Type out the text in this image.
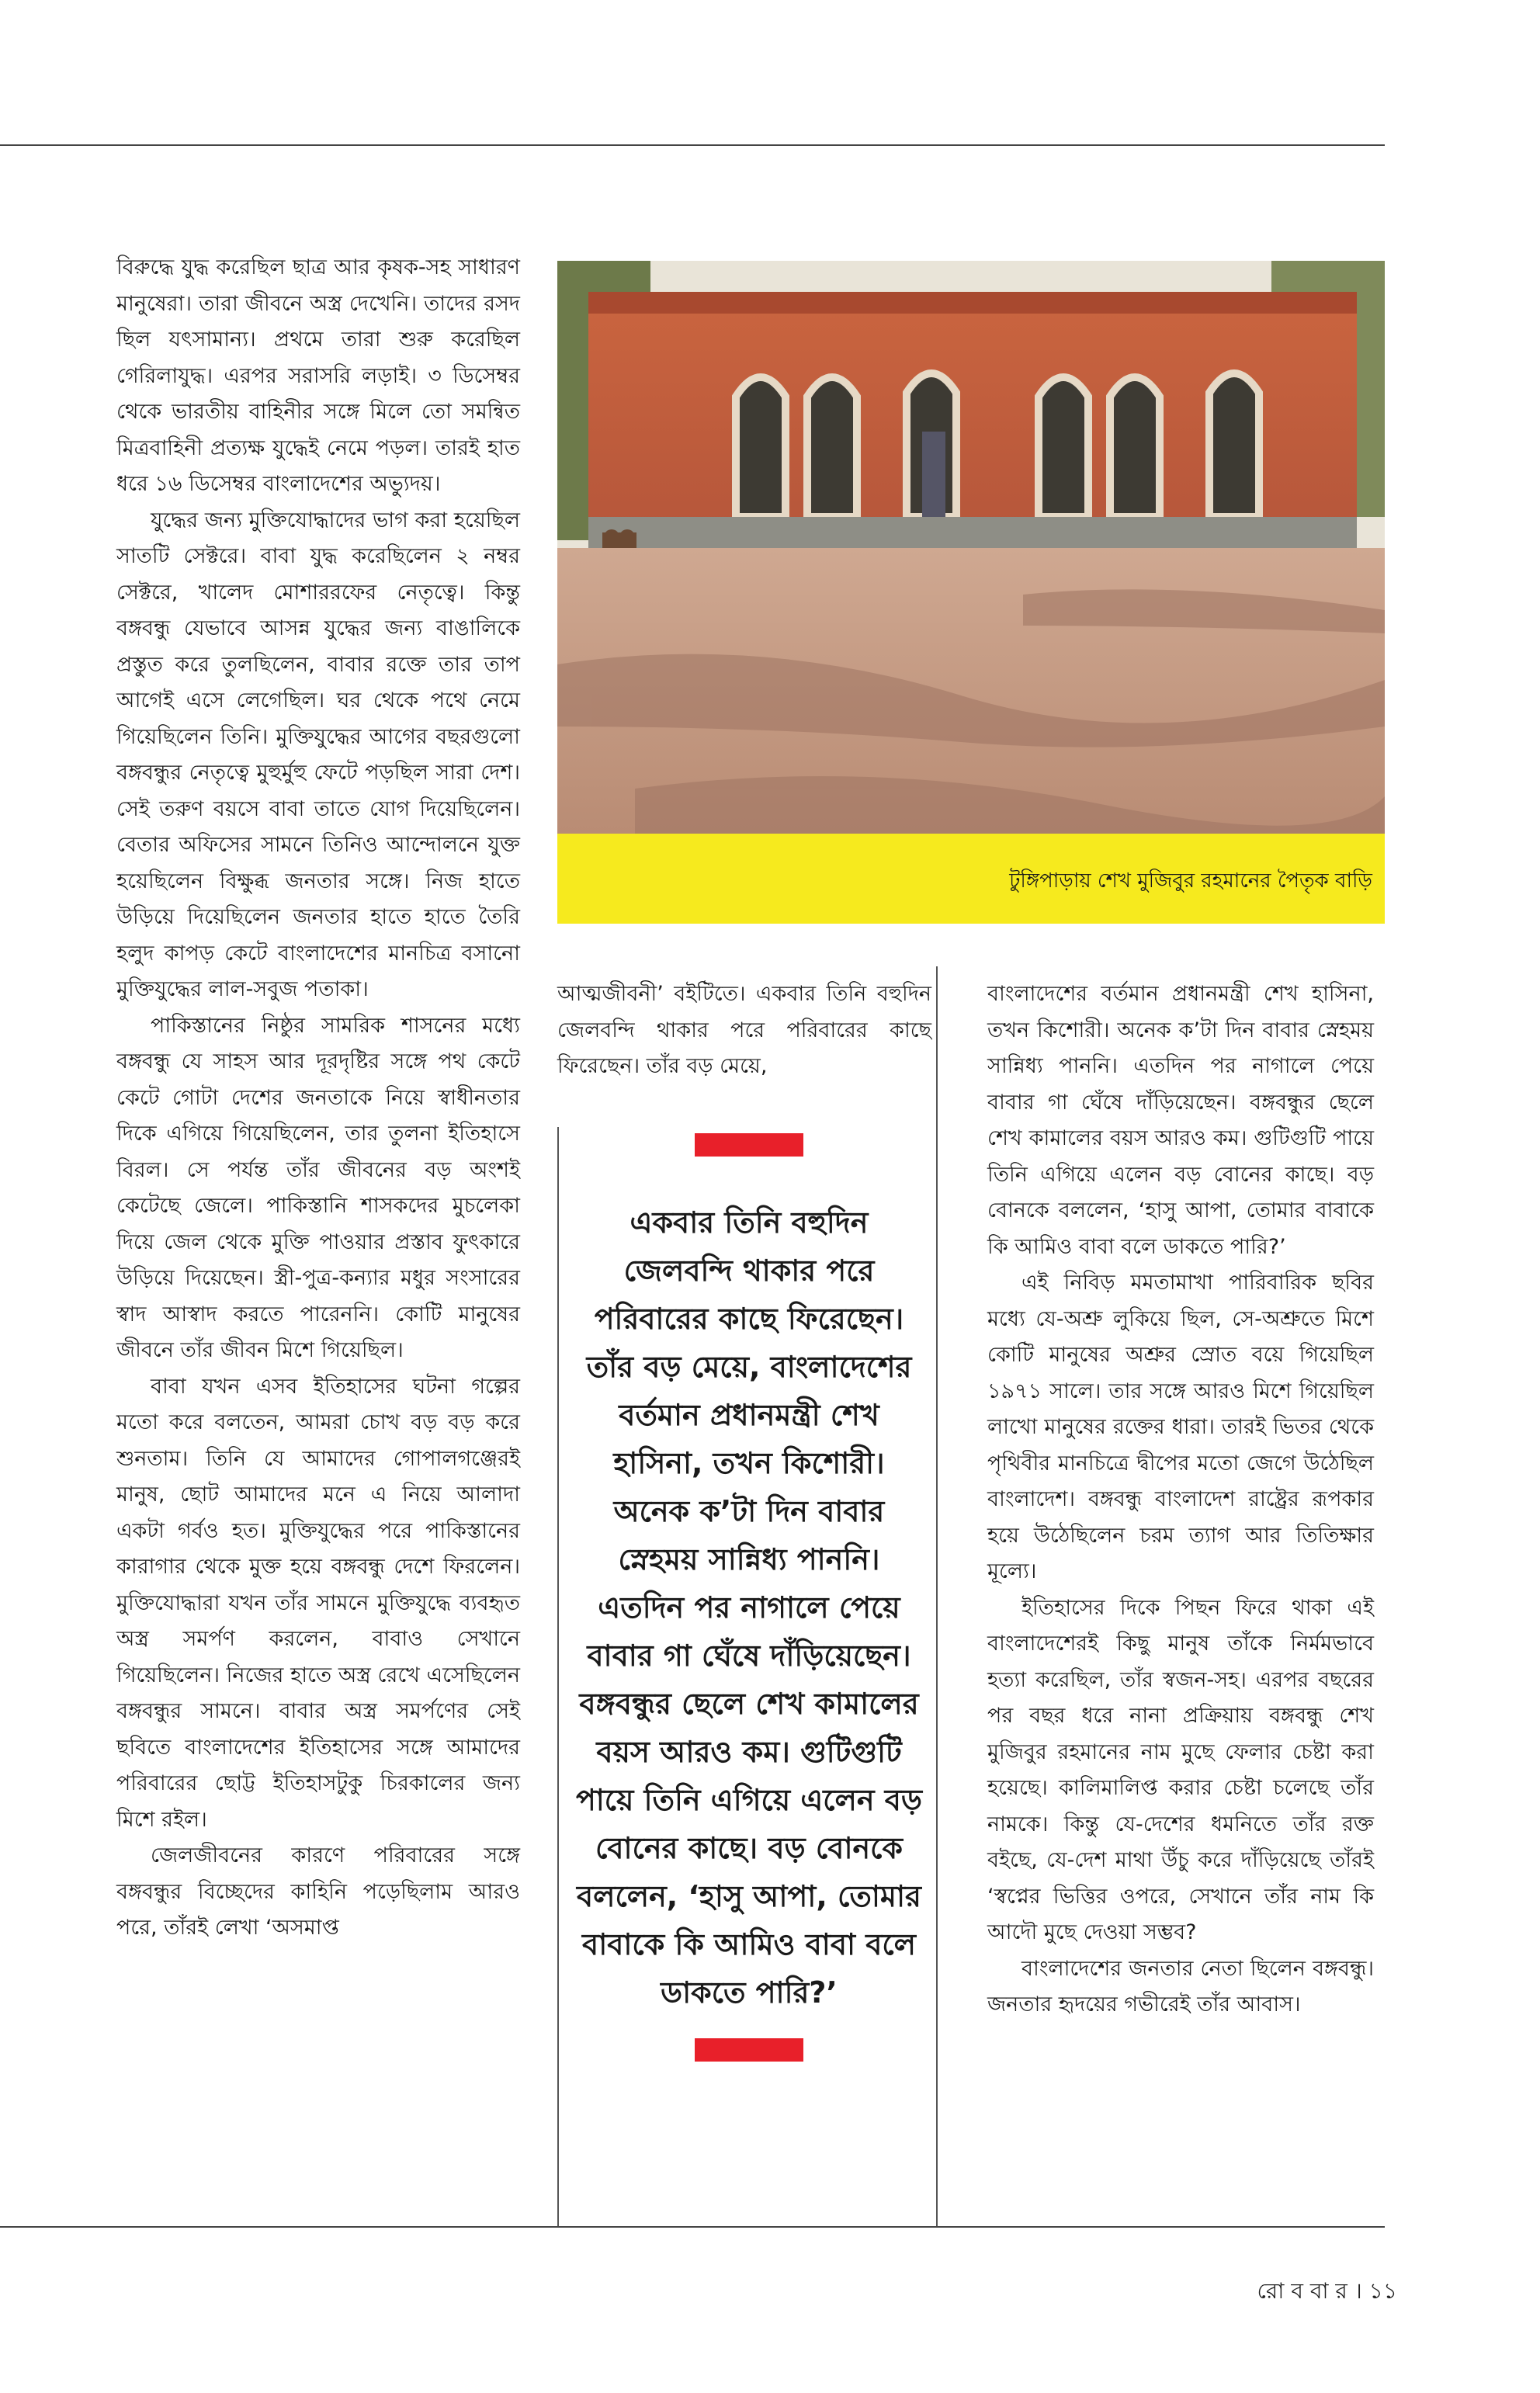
বিরুদ্ধে যুদ্ধ করেছিল ছাত্র আর কৃষক-সহ সাধারণ মানুষেরা। তারা জীবনে অস্ত্র দেখেনি। তাদের রসদ ছিল যৎসামান্য। প্রথমে তারা শুরু করেছিল গেরিলাযুদ্ধ। এরপর সরাসরি লড়াই। ৩ ডিসেম্বর থেকে ভারতীয় বাহিনীর সঙ্গে মিলে তো সমন্বিত মিত্রবাহিনী প্রত্যক্ষ যুদ্ধেই নেমে পড়ল। তারই হাত ধরে ১৬ ডিসেম্বর বাংলাদেশের অভ্যুদয়।

যুদ্ধের জন্য মুক্তিযোদ্ধাদের ভাগ করা হয়েছিল সাতটি সেক্টরে। বাবা যুদ্ধ করেছিলেন ২ নম্বর সেক্টরে, খালেদ মোশাররফের নেতৃত্বে। কিন্তু বঙ্গবন্ধু যেভাবে আসন্ন যুদ্ধের জন্য বাঙালিকে প্রস্তুত করে তুলছিলেন, বাবার রক্তে তার তাপ আগেই এসে লেগেছিল। ঘর থেকে পথে নেমে গিয়েছিলেন তিনি। মুক্তিযুদ্ধের আগের বছরগুলো বঙ্গবন্ধুর নেতৃত্বে মুহুর্মুহু ফেটে পড়ছিল সারা দেশ। সেই তরুণ বয়সে বাবা তাতে যোগ দিয়েছিলেন। বেতার অফিসের সামনে তিনিও আন্দোলনে যুক্ত হয়েছিলেন বিক্ষুব্ধ জনতার সঙ্গে। নিজ হাতে উড়িয়ে দিয়েছিলেন জনতার হাতে হাতে তৈরি হলুদ কাপড় কেটে বাংলাদেশের মানচিত্র বসানো মুক্তিযুদ্ধের লাল-সবুজ পতাকা।

পাকিস্তানের নিষ্ঠুর সামরিক শাসনের মধ্যে বঙ্গবন্ধু যে সাহস আর দূরদৃষ্টির সঙ্গে পথ কেটে কেটে গোটা দেশের জনতাকে নিয়ে স্বাধীনতার দিকে এগিয়ে গিয়েছিলেন, তার তুলনা ইতিহাসে বিরল। সে পর্যন্ত তাঁর জীবনের বড় অংশই কেটেছে জেলে। পাকিস্তানি শাসকদের মুচলেকা দিয়ে জেল থেকে মুক্তি পাওয়ার প্রস্তাব ফুৎকারে উড়িয়ে দিয়েছেন। স্ত্রী-পুত্র-কন্যার মধুর সংসারের স্বাদ আস্বাদ করতে পারেননি। কোটি মানুষের জীবনে তাঁর জীবন মিশে গিয়েছিল।

বাবা যখন এসব ইতিহাসের ঘটনা গল্পের মতো করে বলতেন, আমরা চোখ বড় বড় করে শুনতাম। তিনি যে আমাদের গোপালগঞ্জেরই মানুষ, ছোট আমাদের মনে এ নিয়ে আলাদা একটা গর্বও হত। মুক্তিযুদ্ধের পরে পাকিস্তানের কারাগার থেকে মুক্ত হয়ে বঙ্গবন্ধু দেশে ফিরলেন। মুক্তিযোদ্ধারা যখন তাঁর সামনে মুক্তিযুদ্ধে ব্যবহৃত অস্ত্র সমর্পণ করলেন, বাবাও সেখানে গিয়েছিলেন। নিজের হাতে অস্ত্র রেখে এসেছিলেন বঙ্গবন্ধুর সামনে। বাবার অস্ত্র সমর্পণের সেই ছবিতে বাংলাদেশের ইতিহাসের সঙ্গে আমাদের পরিবারের ছোট্ট ইতিহাসটুকু চিরকালের জন্য মিশে রইল।

জেলজীবনের কারণে পরিবারের সঙ্গে বঙ্গবন্ধুর বিচ্ছেদের কাহিনি পড়েছিলাম আরও পরে, তাঁরই লেখা ‘অসমাপ্ত

টুঙ্গিপাড়ায় শেখ মুজিবুর রহমানের পৈতৃক বাড়ি

আত্মজীবনী’ বইটিতে। একবার তিনি বহুদিন জেলবন্দি থাকার পরে পরিবারের কাছে ফিরেছেন। তাঁর বড় মেয়ে,

একবার তিনি বহুদিন জেলবন্দি থাকার পরে পরিবারের কাছে ফিরেছেন। তাঁর বড় মেয়ে, বাংলাদেশের বর্তমান প্রধানমন্ত্রী শেখ হাসিনা, তখন কিশোরী। অনেক ক’টা দিন বাবার স্নেহময় সান্নিধ্য পাননি। এতদিন পর নাগালে পেয়ে বাবার গা ঘেঁষে দাঁড়িয়েছেন। বঙ্গবন্ধুর ছেলে শেখ কামালের বয়স আরও কম। গুটিগুটি পায়ে তিনি এগিয়ে এলেন বড় বোনের কাছে। বড় বোনকে বললেন, ‘হাসু আপা, তোমার বাবাকে কি আমিও বাবা বলে ডাকতে পারি?’

বাংলাদেশের বর্তমান প্রধানমন্ত্রী শেখ হাসিনা, তখন কিশোরী। অনেক ক’টা দিন বাবার স্নেহময় সান্নিধ্য পাননি। এতদিন পর নাগালে পেয়ে বাবার গা ঘেঁষে দাঁড়িয়েছেন। বঙ্গবন্ধুর ছেলে শেখ কামালের বয়স আরও কম। গুটিগুটি পায়ে তিনি এগিয়ে এলেন বড় বোনের কাছে। বড় বোনকে বললেন, ‘হাসু আপা, তোমার বাবাকে কি আমিও বাবা বলে ডাকতে পারি?’

এই নিবিড় মমতামাখা পারিবারিক ছবির মধ্যে যে-অশ্রু লুকিয়ে ছিল, সে-অশ্রুতে মিশে কোটি মানুষের অশ্রুর স্রোত বয়ে গিয়েছিল ১৯৭১ সালে। তার সঙ্গে আরও মিশে গিয়েছিল লাখো মানুষের রক্তের ধারা। তারই ভিতর থেকে পৃথিবীর মানচিত্রে দ্বীপের মতো জেগে উঠেছিল বাংলাদেশ। বঙ্গবন্ধু বাংলাদেশ রাষ্ট্রের রূপকার হয়ে উঠেছিলেন চরম ত্যাগ আর তিতিক্ষার মূল্যে।

ইতিহাসের দিকে পিছন ফিরে থাকা এই বাংলাদেশেরই কিছু মানুষ তাঁকে নির্মমভাবে হত্যা করেছিল, তাঁর স্বজন-সহ। এরপর বছরের পর বছর ধরে নানা প্রক্রিয়ায় বঙ্গবন্ধু শেখ মুজিবুর রহমানের নাম মুছে ফেলার চেষ্টা করা হয়েছে। কালিমালিপ্ত করার চেষ্টা চলেছে তাঁর নামকে। কিন্তু যে-দেশের ধমনিতে তাঁর রক্ত বইছে, যে-দেশ মাথা উঁচু করে দাঁড়িয়েছে তাঁরই ‘স্বপ্নের ভিত্তির ওপরে, সেখানে তাঁর নাম কি আদৌ মুছে দেওয়া সম্ভব?

বাংলাদেশের জনতার নেতা ছিলেন বঙ্গবন্ধু। জনতার হৃদয়ের গভীরেই তাঁর আবাস।

রো ব বা র । ১১
